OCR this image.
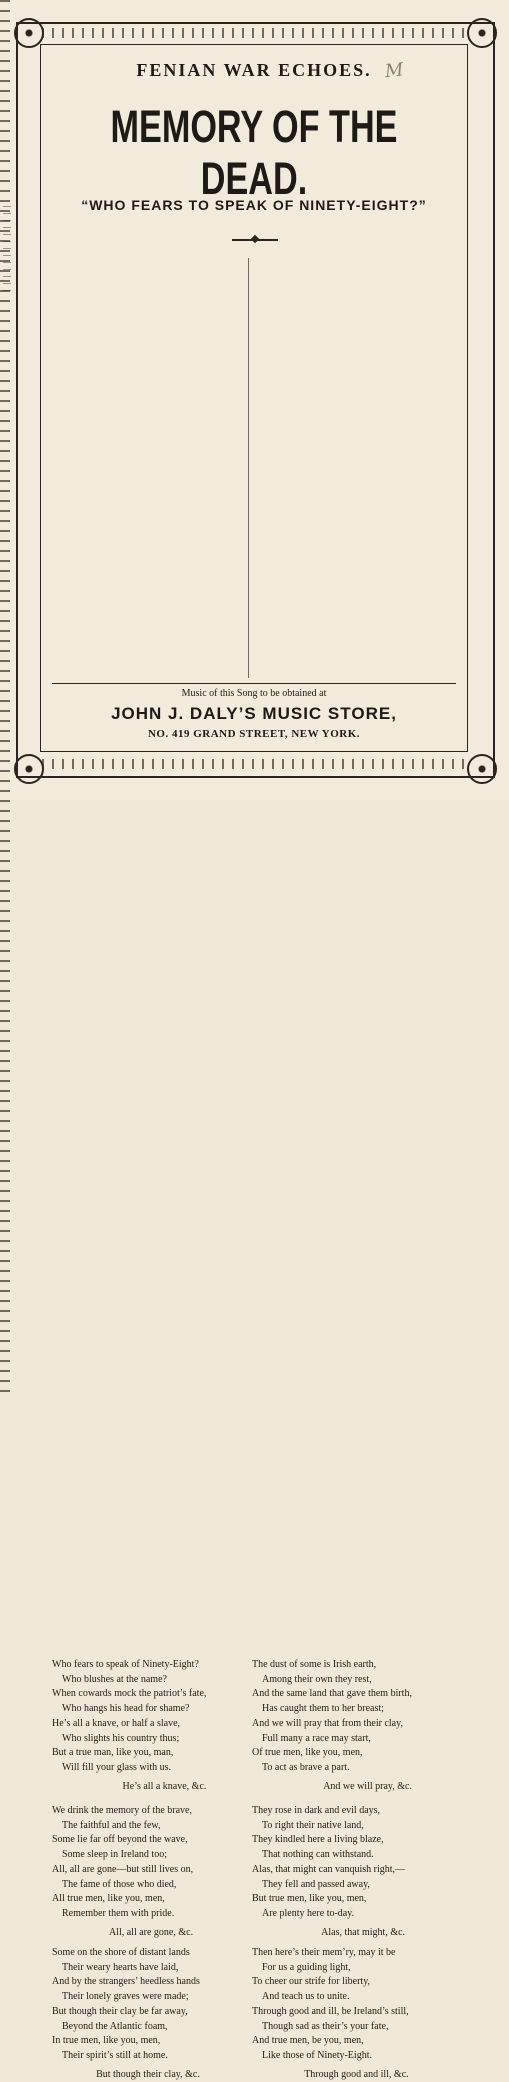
M
FENIAN WAR ECHOES.
MEMORY OF THE DEAD.
“WHO FEARS TO SPEAK OF NINETY-EIGHT?”
Who fears to speak of Ninety-Eight?
Who blushes at the name?
When cowards mock the patriot’s fate,
Who hangs his head for shame?
He’s all a knave, or half a slave,
Who slights his country thus;
But a true man, like you, man,
Will fill your glass with us.
He’s all a knave, &c.
We drink the memory of the brave,
The faithful and the few,
Some lie far off beyond the wave,
Some sleep in Ireland too;
All, all are gone—but still lives on,
The fame of those who died,
All true men, like you, men,
Remember them with pride.
All, all are gone, &c.
Some on the shore of distant lands
Their weary hearts have laid,
And by the strangers’ heedless hands
Their lonely graves were made;
But though their clay be far away,
Beyond the Atlantic foam,
In true men, like you, men,
Their spirit’s still at home.
But though their clay, &c.
The dust of some is Irish earth,
Among their own they rest,
And the same land that gave them birth,
Has caught them to her breast;
And we will pray that from their clay,
Full many a race may start,
Of true men, like you, men,
To act as brave a part.
And we will pray, &c.
They rose in dark and evil days,
To right their native land,
They kindled here a living blaze,
That nothing can withstand.
Alas, that might can vanquish right,—
They fell and passed away,
But true men, like you, men,
Are plenty here to-day.
Alas, that might, &c.
Then here’s their mem’ry, may it be
For us a guiding light,
To cheer our strife for liberty,
And teach us to unite.
Through good and ill, be Ireland’s still,
Though sad as their’s your fate,
And true men, be you, men,
Like those of Ninety-Eight.
Through good and ill, &c.
Music of this Song to be obtained at
JOHN J. DALY’S MUSIC STORE,
NO. 419 GRAND STREET, NEW YORK.
